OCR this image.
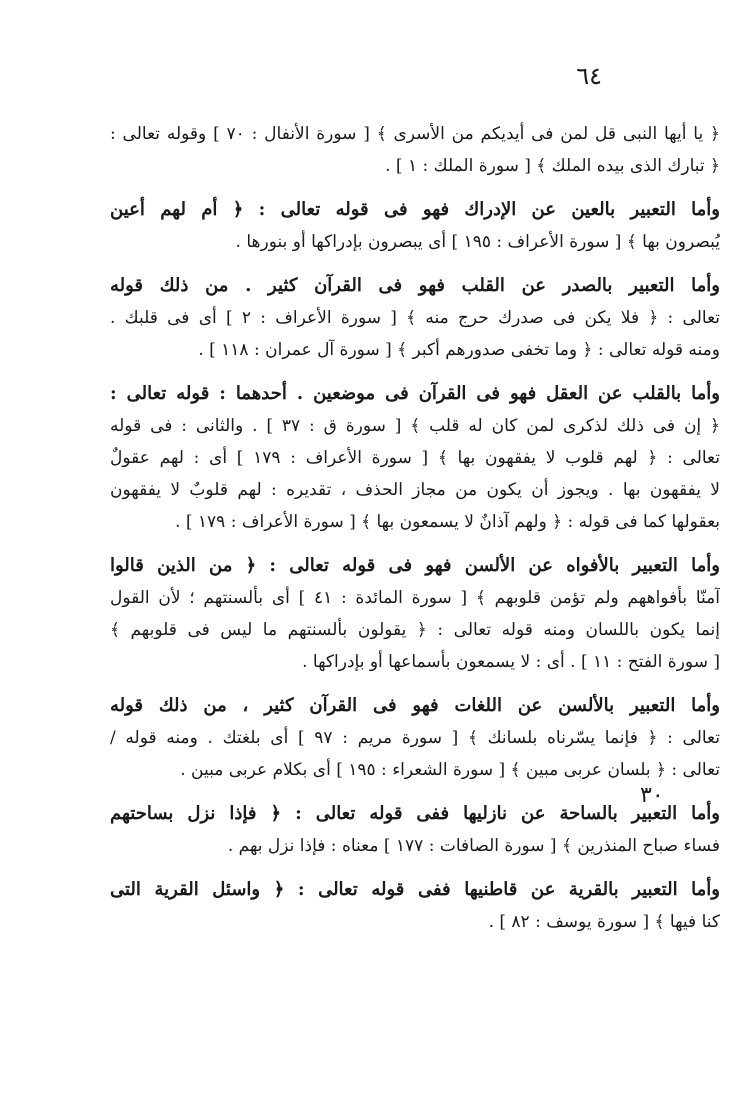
٦٤
٣٠
﴿ يا أيها النبى قل لمن فى أيديكم من الأسرى ﴾ [ سورة الأنفال : ٧٠ ] وقوله تعالى :
﴿ تبارك الذى بيده الملك ﴾ [ سورة الملك : ١ ] .
وأما التعبير بالعين عن الإدراك فهو فى قوله تعالى : ﴿ أم لهم أعين
يُبصرون بها ﴾ [ سورة الأعراف : ١٩٥ ] أى يبصرون بإدراكها أو بنورها .
وأما التعبير بالصدر عن القلب فهو فى القرآن كثير . من ذلك قوله
تعالى : ﴿ فلا يكن فى صدرك حرج منه ﴾ [ سورة الأعراف : ٢ ] أى فى قلبك .
ومنه قوله تعالى : ﴿ وما تخفى صدورهم أكبر ﴾ [ سورة آل عمران : ١١٨ ] .
وأما بالقلب عن العقل فهو فى القرآن فى موضعين . أحدهما : قوله تعالى :
﴿ إن فى ذلك لذكرى لمن كان له قلب ﴾ [ سورة ق : ٣٧ ] . والثانى : فى قوله
تعالى : ﴿ لهم قلوب لا يفقهون بها ﴾ [ سورة الأعراف : ١٧٩ ] أى : لهم عقولٌ
لا يفقهون بها . ويجوز أن يكون من مجاز الحذف ، تقديره : لهم قلوبٌ لا يفقهون
بعقولها كما فى قوله : ﴿ ولهم آذانٌ لا يسمعون بها ﴾ [ سورة الأعراف : ١٧٩ ] .
وأما التعبير بالأفواه عن الألسن فهو فى قوله تعالى : ﴿ من الذين قالوا
آمنّا بأفواههم ولم تؤمن قلوبهم ﴾ [ سورة المائدة : ٤١ ] أى بألسنتهم ؛ لأن القول
إنما يكون باللسان ومنه قوله تعالى : ﴿ يقولون بألسنتهم ما ليس فى قلوبهم ﴾
[ سورة الفتح : ١١ ] . أى : لا يسمعون بأسماعها أو بإدراكها .
وأما التعبير بالألسن عن اللغات فهو فى القرآن كثير ، من ذلك قوله
تعالى : ﴿ فإنما يسّرناه بلسانك ﴾ [ سورة مريم : ٩٧ ] أى بلغتك . ومنه قوله /
تعالى : ﴿ بلسان عربى مبين ﴾ [ سورة الشعراء : ١٩٥ ] أى بكلام عربى مبين .
وأما التعبير بالساحة عن نازليها ففى قوله تعالى : ﴿ فإذا نزل بساحتهم
فساء صباح المنذرين ﴾ [ سورة الصافات : ١٧٧ ] معناه : فإذا نزل بهم .
وأما التعبير بالقرية عن قاطنيها ففى قوله تعالى : ﴿ واسئل القرية التى
كنا فيها ﴾ [ سورة يوسف : ٨٢ ] .
